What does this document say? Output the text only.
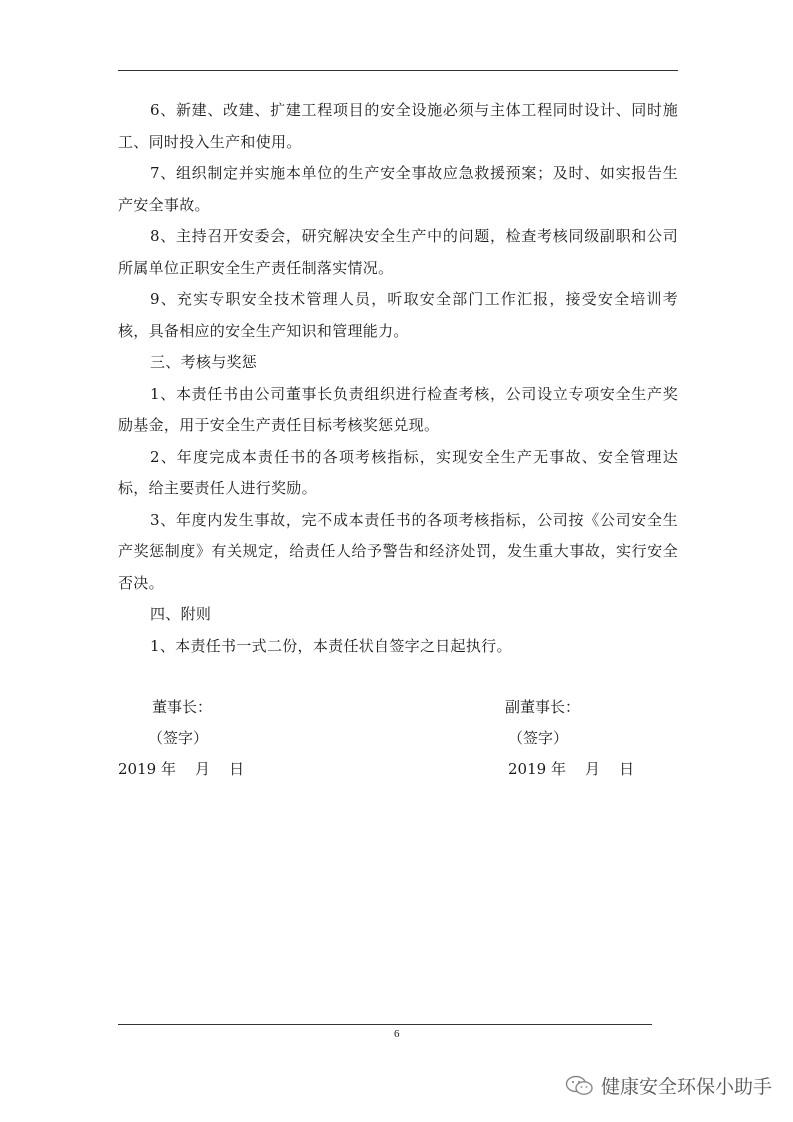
6、新建、改建、扩建工程项目的安全设施必须与主体工程同时设计、同时施工、同时投入生产和使用。

7、组织制定并实施本单位的生产安全事故应急救援预案；及时、如实报告生产安全事故。

8、主持召开安委会，研究解决安全生产中的问题，检查考核同级副职和公司所属单位正职安全生产责任制落实情况。

9、充实专职安全技术管理人员，听取安全部门工作汇报，接受安全培训考核，具备相应的安全生产知识和管理能力。

三、考核与奖惩

1、本责任书由公司董事长负责组织进行检查考核，公司设立专项安全生产奖励基金，用于安全生产责任目标考核奖惩兑现。

2、年度完成本责任书的各项考核指标，实现安全生产无事故、安全管理达标，给主要责任人进行奖励。

3、年度内发生事故，完不成本责任书的各项考核指标，公司按《公司安全生产奖惩制度》有关规定，给责任人给予警告和经济处罚，发生重大事故，实行安全否决。

四、附则

1、本责任书一式二份，本责任状自签字之日起执行。

董事长：
（签字）
2019 年    月    日
副董事长：
（签字）
2019 年    月    日
6
健康安全环保小助手
